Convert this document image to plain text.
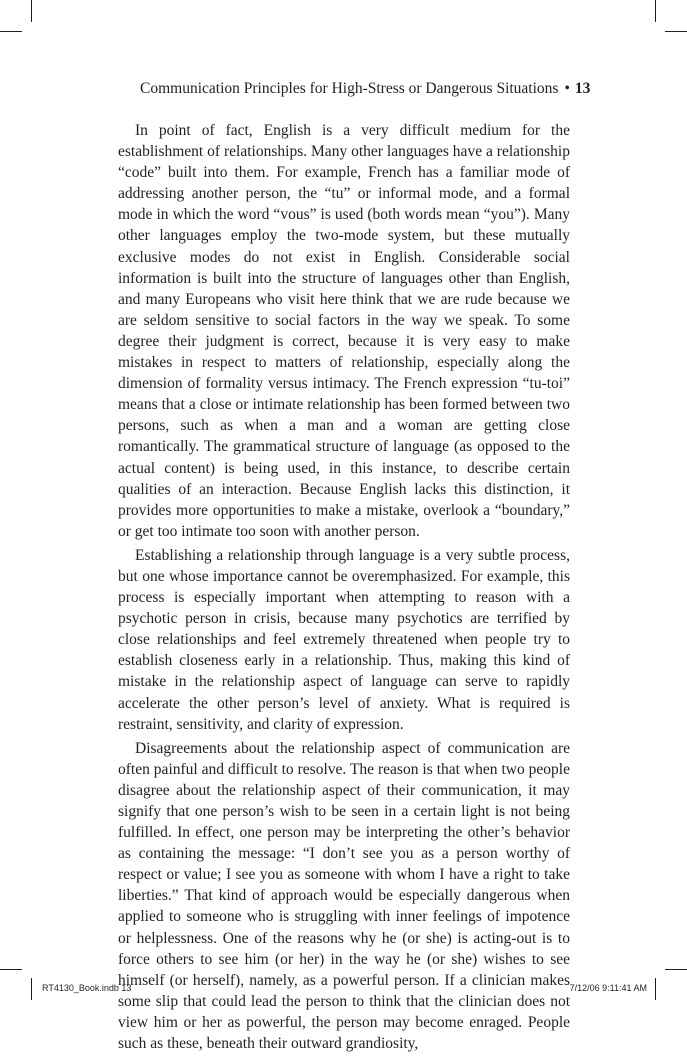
Communication Principles for High-Stress or Dangerous Situations • 13

In point of fact, English is a very difficult medium for the establishment of relationships. Many other languages have a relationship “code” built into them. For example, French has a familiar mode of addressing another person, the “tu” or informal mode, and a formal mode in which the word “vous” is used (both words mean “you”). Many other languages employ the two-mode system, but these mutually exclusive modes do not exist in English. Considerable social information is built into the structure of languages other than English, and many Europeans who visit here think that we are rude because we are seldom sensitive to social factors in the way we speak. To some degree their judgment is correct, because it is very easy to make mistakes in respect to matters of relationship, especially along the dimension of formality versus intimacy. The French expression “tu-toi” means that a close or intimate relationship has been formed between two persons, such as when a man and a woman are getting close romantically. The grammatical structure of language (as opposed to the actual content) is being used, in this instance, to describe certain qualities of an interaction. Because English lacks this distinction, it provides more opportunities to make a mistake, overlook a “boundary,” or get too intimate too soon with another person.

Establishing a relationship through language is a very subtle process, but one whose importance cannot be overemphasized. For example, this process is especially important when attempting to reason with a psychotic person in crisis, because many psychotics are terrified by close relationships and feel extremely threatened when people try to establish closeness early in a relationship. Thus, making this kind of mistake in the relationship aspect of language can serve to rapidly accelerate the other person’s level of anxiety. What is required is restraint, sensitivity, and clarity of expression.

Disagreements about the relationship aspect of communication are often painful and difficult to resolve. The reason is that when two people disagree about the relationship aspect of their communication, it may signify that one person’s wish to be seen in a certain light is not being fulfilled. In effect, one person may be interpreting the other’s behavior as containing the message: “I don’t see you as a person worthy of respect or value; I see you as someone with whom I have a right to take liberties.” That kind of approach would be especially dangerous when applied to someone who is struggling with inner feelings of impotence or helplessness. One of the reasons why he (or she) is acting-out is to force others to see him (or her) in the way he (or she) wishes to see himself (or herself), namely, as a powerful person. If a clinician makes some slip that could lead the person to think that the clinician does not view him or her as powerful, the person may become enraged. People such as these, beneath their outward grandiosity,

RT4130_Book.indb 13	7/12/06 9:11:41 AM
